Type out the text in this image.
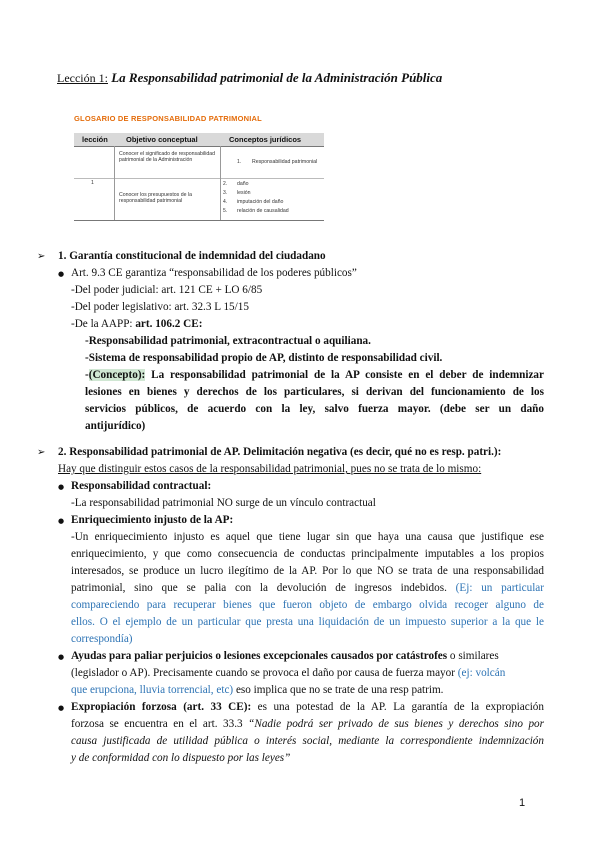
Lección 1: La Responsabilidad patrimonial de la Administración Pública
GLOSARIO DE RESPONSABILIDAD PATRIMONIAL
lección Objetivo conceptual	Conceptos jurídicos
1
Conocer el significado de responsabilidad patrimonial de la Administración
Conocer los presupuestos de la responsabilidad patrimonial
1. Responsabilidad patrimonial
2. daño
3. lesión
4. imputación del daño
5. relación de causalidad
➢ 1. Garantía constitucional de indemnidad del ciudadano
● Art. 9.3 CE garantiza “responsabilidad de los poderes públicos”
-Del poder judicial: art. 121 CE + LO 6/85
-Del poder legislativo: art. 32.3 L 15/15
-De la AAPP: art. 106.2 CE:
-Responsabilidad patrimonial, extracontractual o aquiliana.
-Sistema de responsabilidad propio de AP, distinto de responsabilidad civil.
-(Concepto): La responsabilidad patrimonial de la AP consiste en el deber de indemnizar
lesiones en bienes y derechos de los particulares, si derivan del funcionamiento de los
servicios públicos, de acuerdo con la ley, salvo fuerza mayor. (debe ser un daño
antijurídico)
➢ 2. Responsabilidad patrimonial de AP. Delimitación negativa (es decir, qué no es resp. patri.):
Hay que distinguir estos casos de la responsabilidad patrimonial, pues no se trata de lo mismo:
● Responsabilidad contractual:
-La responsabilidad patrimonial NO surge de un vínculo contractual
● Enriquecimiento injusto de la AP:
-Un enriquecimiento injusto es aquel que tiene lugar sin que haya una causa que justifique ese
enriquecimiento, y que como consecuencia de conductas principalmente imputables a los propios
interesados, se produce un lucro ilegítimo de la AP. Por lo que NO se trata de una responsabilidad
patrimonial, sino que se palia con la devolución de ingresos indebidos. (Ej: un particular
compareciendo para recuperar bienes que fueron objeto de embargo olvida recoger alguno de
ellos. O el ejemplo de un particular que presta una liquidación de un impuesto superior a la que le
correspondía)
● Ayudas para paliar perjuicios o lesiones excepcionales causados por catástrofes o similares
(legislador o AP). Precisamente cuando se provoca el daño por causa de fuerza mayor (ej: volcán
que erupciona, lluvia torrencial, etc) eso implica que no se trate de una resp patrim.
● Expropiación forzosa (art. 33 CE): es una potestad de la AP. La garantía de la expropiación
forzosa se encuentra en el art. 33.3 “Nadie podrá ser privado de sus bienes y derechos sino por
causa justificada de utilidad pública o interés social, mediante la correspondiente indemnización
y de conformidad con lo dispuesto por las leyes”
1
